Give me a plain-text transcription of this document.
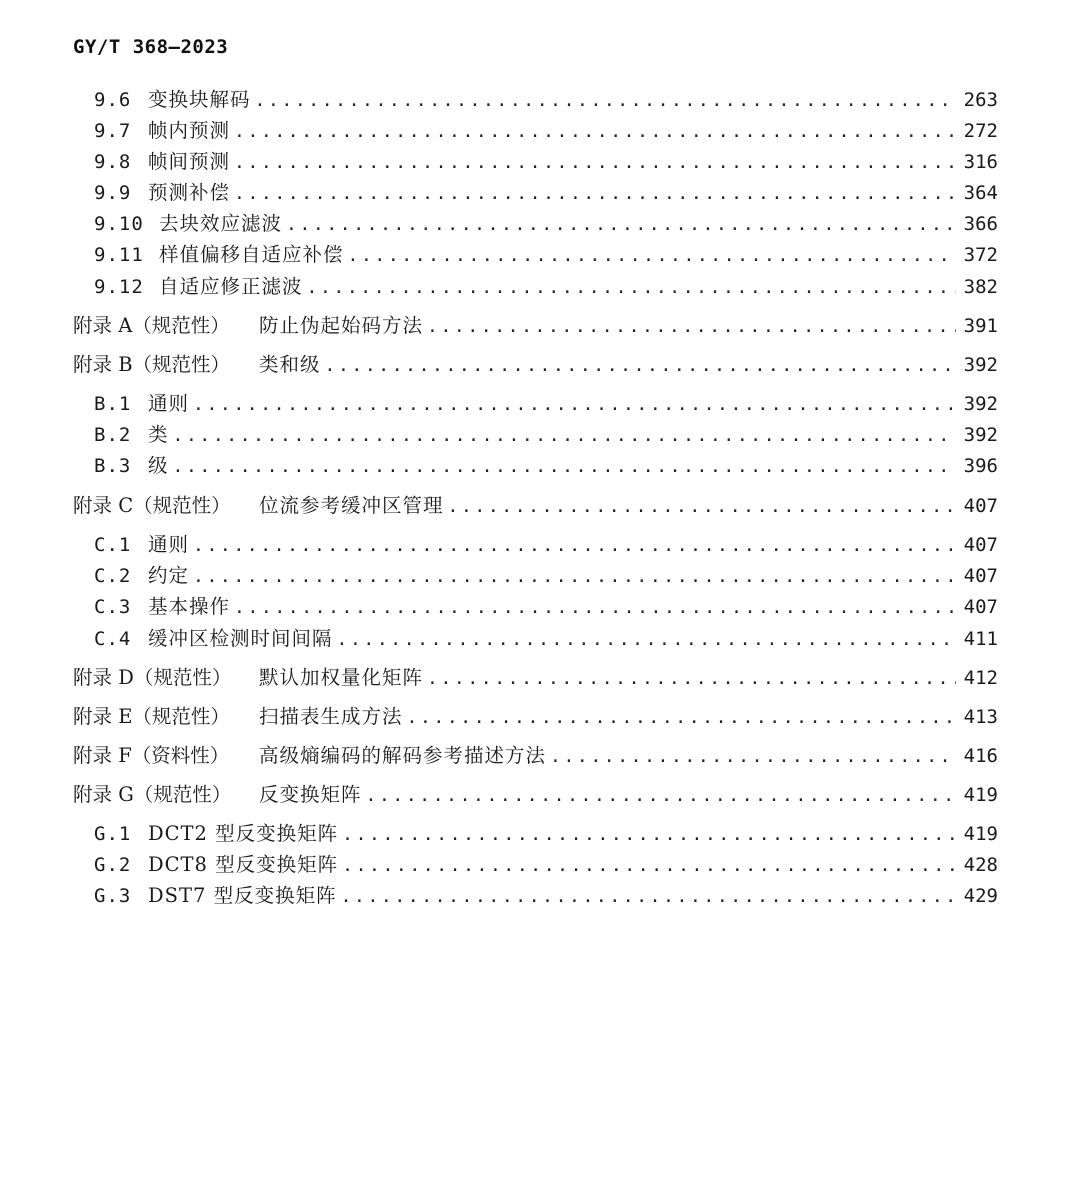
GY/T 368—2023
9.6 变换块解码 .....	263
9.7 帧内预测 .....	272
9.8 帧间预测 .....	316
9.9 预测补偿 .....	364
9.10 去块效应滤波 .....	366
9.11 样值偏移自适应补偿 .....	372
9.12 自适应修正滤波 .....	382
附录 A（规范性）	防止伪起始码方法 .....	391
附录 B（规范性）	类和级 .....	392
B.1 通则 .....	392
B.2 类 .....	392
B.3 级 .....	396
附录 C（规范性）	位流参考缓冲区管理 .....	407
C.1 通则 .....	407
C.2 约定 .....	407
C.3 基本操作 .....	407
C.4 缓冲区检测时间间隔 .....	411
附录 D（规范性）	默认加权量化矩阵 .....	412
附录 E（规范性）	扫描表生成方法 .....	413
附录 F（资料性）	高级熵编码的解码参考描述方法 .....	416
附录 G（规范性）	反变换矩阵 .....	419
G.1 DCT2 型反变换矩阵 .....	419
G.2 DCT8 型反变换矩阵 .....	428
G.3 DST7 型反变换矩阵 .....	429
